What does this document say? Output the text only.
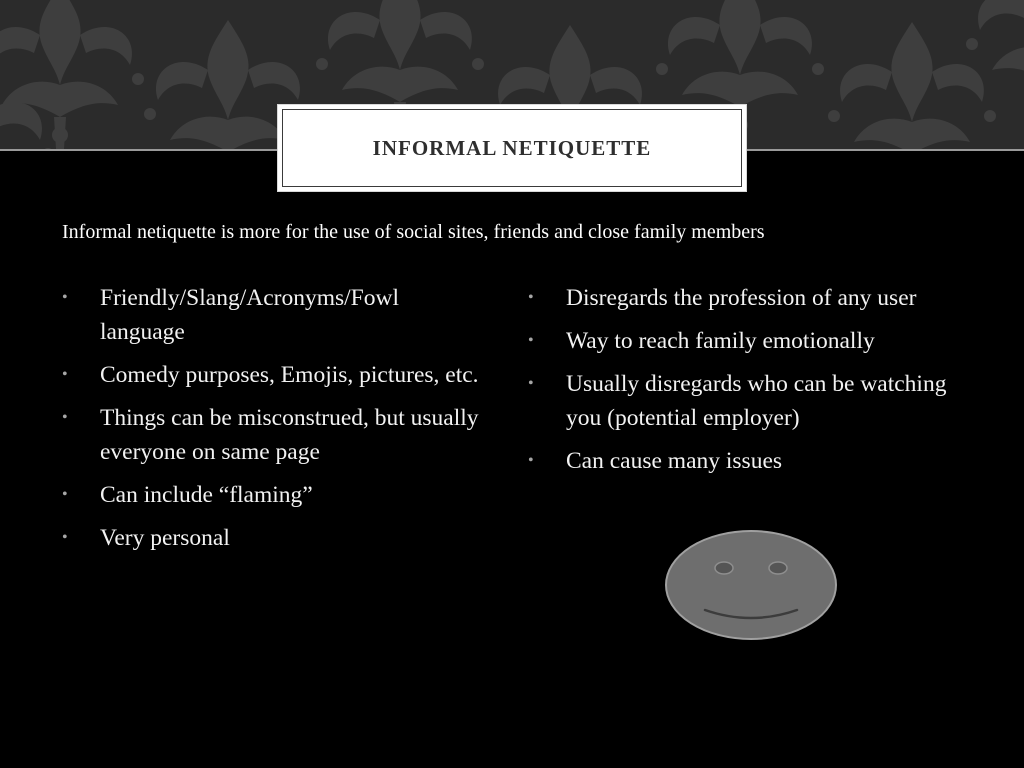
INFORMAL NETIQUETTE
Informal netiquette is more for the use of social sites, friends and close family members
• Friendly/Slang/Acronyms/Fowl language
• Comedy purposes, Emojis, pictures, etc.
• Things can be misconstrued, but usually everyone on same page
• Can include “flaming”
• Very personal
• Disregards the profession of any user
• Way to reach family emotionally
• Usually disregards who can be watching you (potential employer)
• Can cause many issues
